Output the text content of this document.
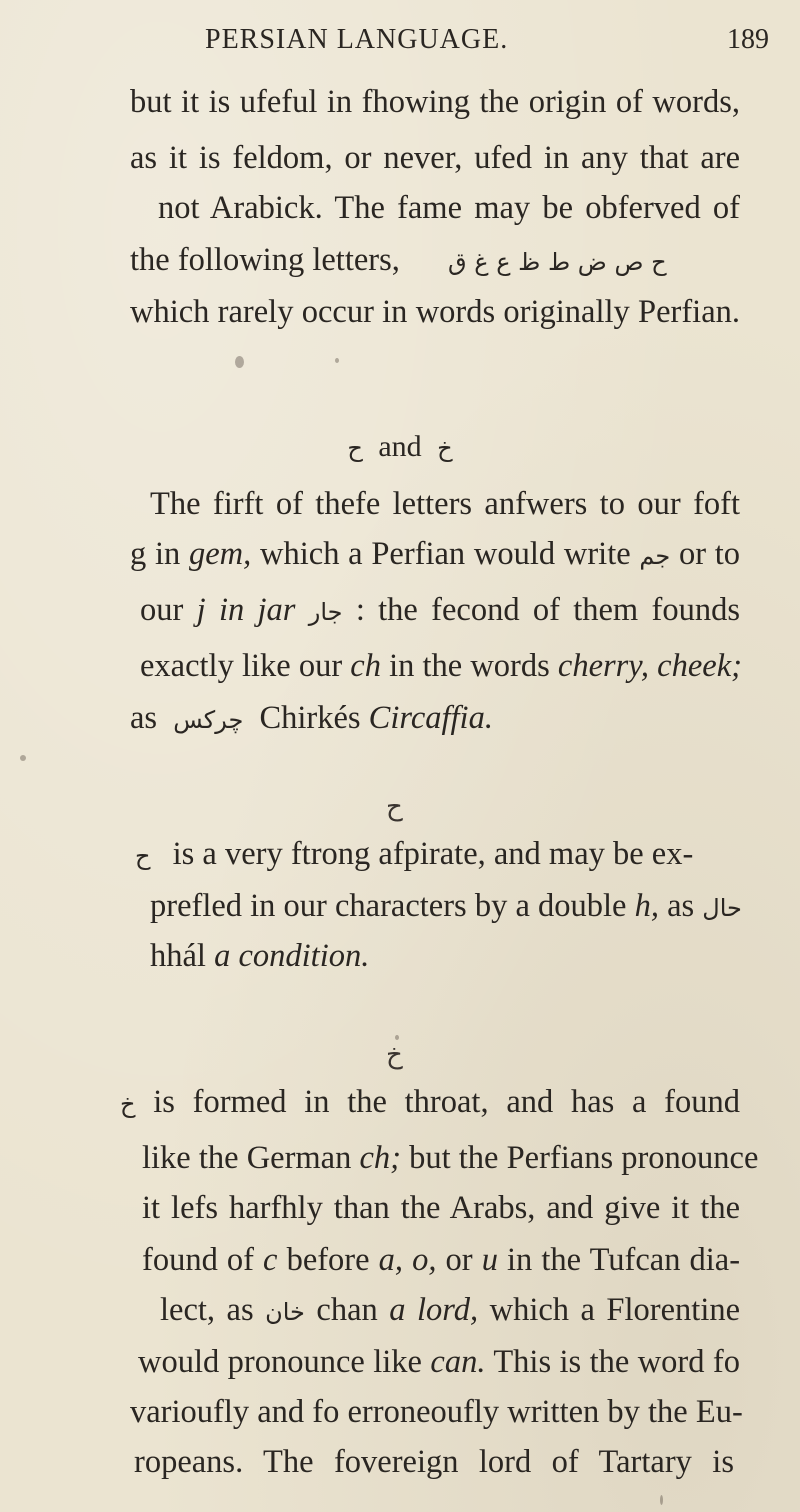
PERSIAN LANGUAGE.	189
but it is ufeful in fhowing the origin of words,
as it is feldom, or never, ufed in any that are
not Arabick. The fame may be obferved of
the following letters, ح ص ض ط ظ ع غ ق
which rarely occur in words originally Perfian.
ح and خ
The firft of thefe letters anfwers to our foft
g in gem, which a Perfian would write جم or to
our j in jar جار : the fecond of them founds
exactly like our ch in the words cherry, cheek;
as چرکس Chirkés Circaffia.
ح
ح is a very ftrong afpirate, and may be ex-
prefled in our characters by a double h, as حال
hhál a condition.
خ
خ is formed in the throat, and has a found
like the German ch; but the Perfians pronounce
it lefs harfhly than the Arabs, and give it the
found of c before a, o, or u in the Tufcan dia-
lect, as خان chan a lord, which a Florentine
would pronounce like can. This is the word fo
varioufly and fo erroneoufly written by the Eu-
ropeans. The fovereign lord of Tartary is
